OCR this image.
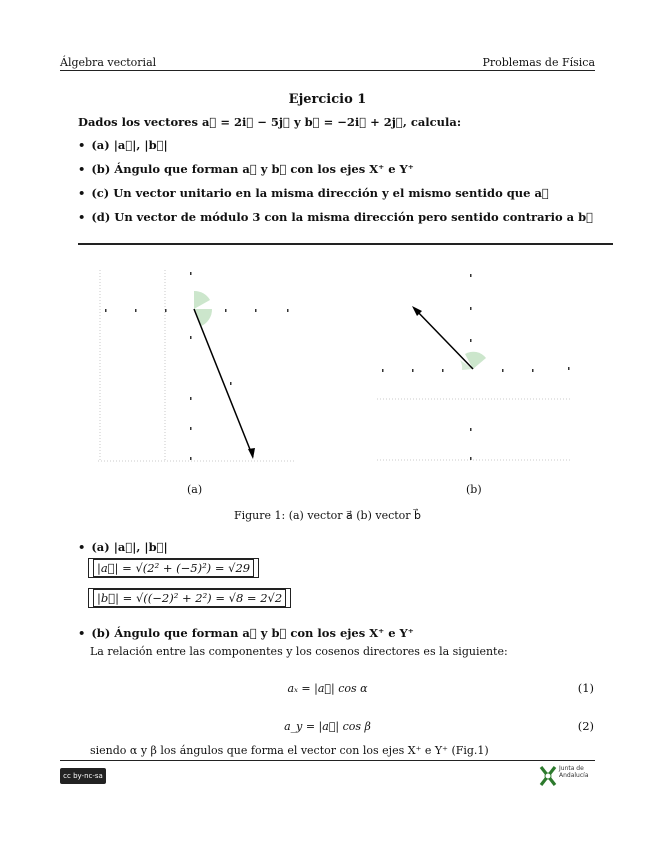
Álgebra vectorial	Problemas de Física
Ejercicio 1
Dados los vectores a⃗ = 2i⃗ − 5j⃗ y b⃗ = −2i⃗ + 2j⃗, calcula:
• (a) |a⃗|, |b⃗|
• (b) Ángulo que forman a⃗ y b⃗ con los ejes X⁺ e Y⁺
• (c) Un vector unitario en la misma dirección y el mismo sentido que a⃗
• (d) Un vector de módulo 3 con la misma dirección pero sentido contrario a b⃗
(a)	(b)
Figure 1: (a) vector a⃗ (b) vector b⃗
• (a) |a⃗|, |b⃗|
|a⃗| = √(2² + (−5)²) = √29
|b⃗| = √((−2)² + 2²) = √8 = 2√2
• (b) Ángulo que forman a⃗ y b⃗ con los ejes X⁺ e Y⁺
La relación entre las componentes y los cosenos directores es la siguiente:
aₓ = |a⃗| cos α	(1)
a_y = |a⃗| cos β	(2)
siendo α y β los ángulos que forma el vector con los ejes X⁺ e Y⁺ (Fig.1)
cc by-nc-sa
Junta de Andalucía
